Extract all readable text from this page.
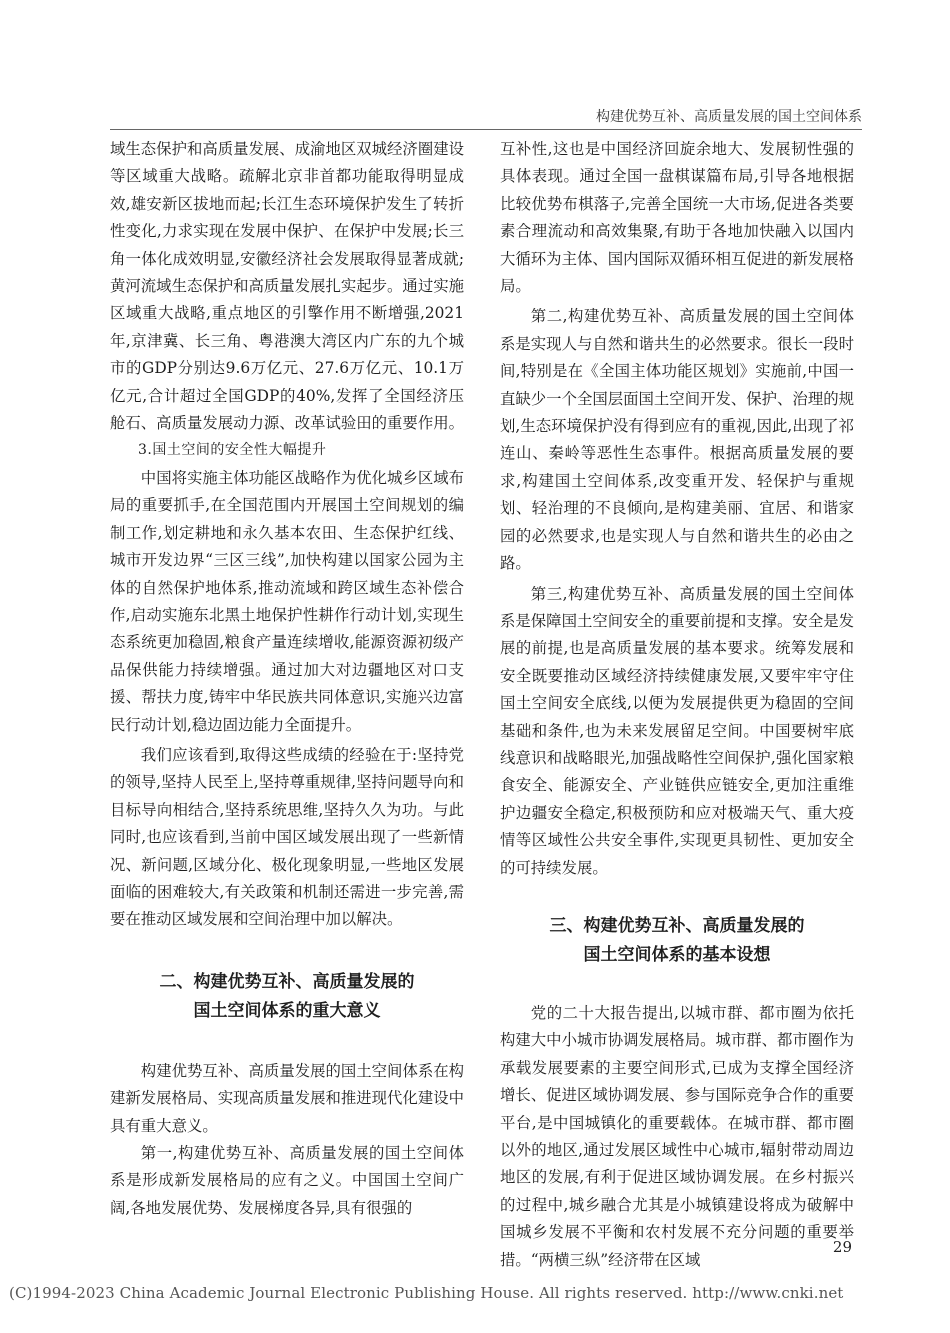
构建优势互补、高质量发展的国土空间体系

域生态保护和高质量发展、成渝地区双城经济圈建设等区域重大战略。疏解北京非首都功能取得明显成效,雄安新区拔地而起;长江生态环境保护发生了转折性变化,力求实现在发展中保护、在保护中发展;长三角一体化成效明显,安徽经济社会发展取得显著成就;黄河流域生态保护和高质量发展扎实起步。通过实施区域重大战略,重点地区的引擎作用不断增强,2021年,京津冀、长三角、粤港澳大湾区内广东的九个城市的GDP分别达9.6万亿元、27.6万亿元、10.1万亿元,合计超过全国GDP的40%,发挥了全国经济压舱石、高质量发展动力源、改革试验田的重要作用。

3.国土空间的安全性大幅提升

中国将实施主体功能区战略作为优化城乡区域布局的重要抓手,在全国范围内开展国土空间规划的编制工作,划定耕地和永久基本农田、生态保护红线、城市开发边界“三区三线”,加快构建以国家公园为主体的自然保护地体系,推动流域和跨区域生态补偿合作,启动实施东北黑土地保护性耕作行动计划,实现生态系统更加稳固,粮食产量连续增收,能源资源初级产品保供能力持续增强。通过加大对边疆地区对口支援、帮扶力度,铸牢中华民族共同体意识,实施兴边富民行动计划,稳边固边能力全面提升。

我们应该看到,取得这些成绩的经验在于:坚持党的领导,坚持人民至上,坚持尊重规律,坚持问题导向和目标导向相结合,坚持系统思维,坚持久久为功。与此同时,也应该看到,当前中国区域发展出现了一些新情况、新问题,区域分化、极化现象明显,一些地区发展面临的困难较大,有关政策和机制还需进一步完善,需要在推动区域发展和空间治理中加以解决。

二、构建优势互补、高质量发展的
国土空间体系的重大意义

构建优势互补、高质量发展的国土空间体系在构建新发展格局、实现高质量发展和推进现代化建设中具有重大意义。

第一,构建优势互补、高质量发展的国土空间体系是形成新发展格局的应有之义。中国国土空间广阔,各地发展优势、发展梯度各异,具有很强的

互补性,这也是中国经济回旋余地大、发展韧性强的具体表现。通过全国一盘棋谋篇布局,引导各地根据比较优势布棋落子,完善全国统一大市场,促进各类要素合理流动和高效集聚,有助于各地加快融入以国内大循环为主体、国内国际双循环相互促进的新发展格局。

第二,构建优势互补、高质量发展的国土空间体系是实现人与自然和谐共生的必然要求。很长一段时间,特别是在《全国主体功能区规划》实施前,中国一直缺少一个全国层面国土空间开发、保护、治理的规划,生态环境保护没有得到应有的重视,因此,出现了祁连山、秦岭等恶性生态事件。根据高质量发展的要求,构建国土空间体系,改变重开发、轻保护与重规划、轻治理的不良倾向,是构建美丽、宜居、和谐家园的必然要求,也是实现人与自然和谐共生的必由之路。

第三,构建优势互补、高质量发展的国土空间体系是保障国土空间安全的重要前提和支撑。安全是发展的前提,也是高质量发展的基本要求。统筹发展和安全既要推动区域经济持续健康发展,又要牢牢守住国土空间安全底线,以便为发展提供更为稳固的空间基础和条件,也为未来发展留足空间。中国要树牢底线意识和战略眼光,加强战略性空间保护,强化国家粮食安全、能源安全、产业链供应链安全,更加注重维护边疆安全稳定,积极预防和应对极端天气、重大疫情等区域性公共安全事件,实现更具韧性、更加安全的可持续发展。

三、构建优势互补、高质量发展的
国土空间体系的基本设想

党的二十大报告提出,以城市群、都市圈为依托构建大中小城市协调发展格局。城市群、都市圈作为承载发展要素的主要空间形式,已成为支撑全国经济增长、促进区域协调发展、参与国际竞争合作的重要平台,是中国城镇化的重要载体。在城市群、都市圈以外的地区,通过发展区域性中心城市,辐射带动周边地区的发展,有利于促进区域协调发展。在乡村振兴的过程中,城乡融合尤其是小城镇建设将成为破解中国城乡发展不平衡和农村发展不充分问题的重要举措。“两横三纵”经济带在区域

29
(C)1994-2023 China Academic Journal Electronic Publishing House. All rights reserved. http://www.cnki.net
